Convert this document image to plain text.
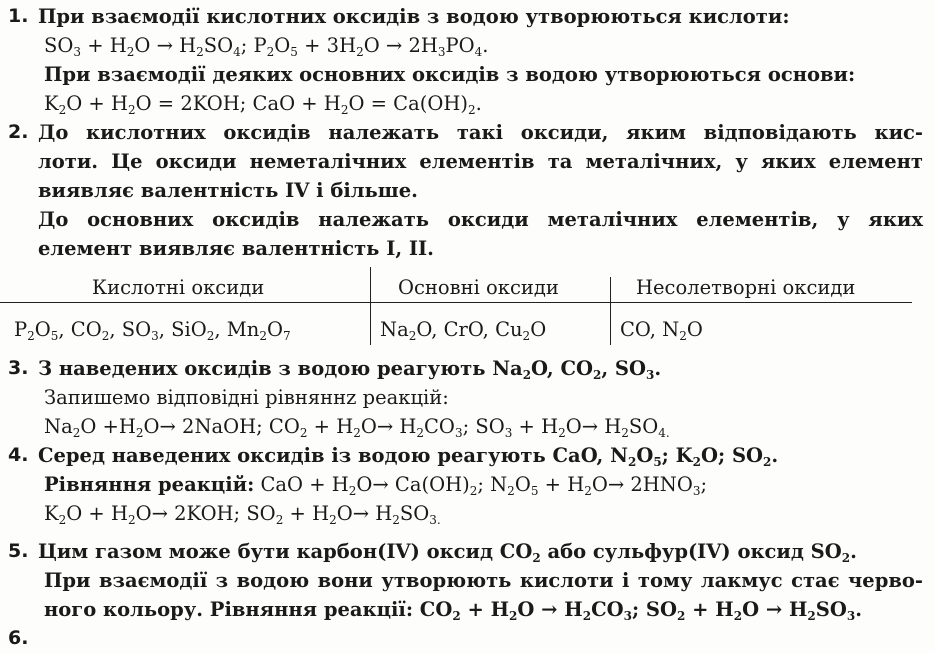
1. При взаємодії кислотних оксидів з водою утворюються кислоти:
$SO_3 + H_2O \to H_2SO_4$; $P_2O_5 + 3H_2O \to 2H_3PO_4$.
При взаємодії деяких основних оксидів з водою утворюються основи:
$K_2O + H_2O = 2KOH$; CaO + $H_2O = Ca(OH)_2$.
2. До кислотних оксидів належать такі оксиди, яким відповідають кис-
лоти. Це оксиди неметалічних елементів та металічних, у яких елемент
виявляє валентність IV і більше.
До основних оксидів належать оксиди металічних елементів, у яких
елемент виявляє валентність I, II.
Кислотні оксиди	Основні оксиди	Несолетворні оксиди
$P_2O_5$, $CO_2$, $SO_3$, SiO$_2$, $Mn_2O_7$	$Na_2O$, CrO, $Cu_2O$	CO, $N_2O$
3. З наведених оксидів з водою реагують $Na_2O$, $CO_2$, $SO_3$.
Запишемо відповідні рівняннz реакцій:
$Na_2O +H_2O\to$ 2NaOH; $CO_2 + H_2O\to H_2CO_3$; $SO_3 + H_2O\to H_2SO_{4.}$
4. Серед наведених оксидів із водою реагують CaO, $N_2O_5$; $K_2O$; $SO_2$.
Рівняння реакцій: CaO + $H_2O\to Ca(OH)_2$; $N_2O_5 + H_2O\to 2HNO_3$;
$K_2O + H_2O\to 2KOH$; $SO_2 + H_2O\to H_2SO_{3.}$
5. Цим газом може бути карбон(IV) оксид $CO_2$ або сульфур(IV) оксид $SO_2$.
При взаємодії з водою вони утворюють кислоти і тому лакмус стає черво-
ного кольору. Рівняння реакції: $CO_2 + H_2O \to H_2CO_3$; $SO_2 + H_2O \to H_2SO_3$.
6.
